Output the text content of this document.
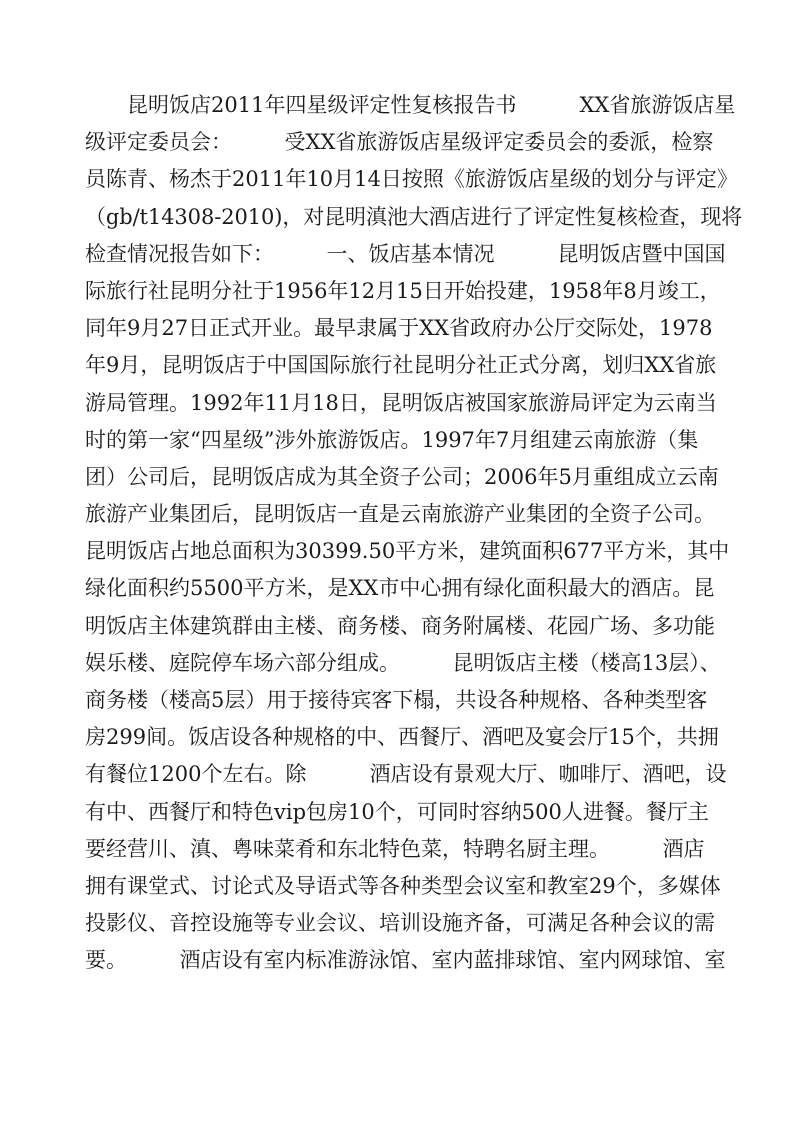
　　昆明饭店2011年四星级评定性复核报告书　　　XX省旅游饭店星
级评定委员会：　　　受XX省旅游饭店星级评定委员会的委派，检察
员陈青、杨杰于2011年10月14日按照《旅游饭店星级的划分与评定》
（gb/t14308-2010)，对昆明滇池大酒店进行了评定性复核检查，现将
检查情况报告如下：　　　一、饭店基本情况　　　昆明饭店暨中国国
际旅行社昆明分社于1956年12月15日开始投建，1958年8月竣工，
同年9月27日正式开业。最早隶属于XX省政府办公厅交际处，1978
年9月，昆明饭店于中国国际旅行社昆明分社正式分离，划归XX省旅
游局管理。1992年11月18日，昆明饭店被国家旅游局评定为云南当
时的第一家“四星级”涉外旅游饭店。1997年7月组建云南旅游（集
团）公司后，昆明饭店成为其全资子公司；2006年5月重组成立云南
旅游产业集团后，昆明饭店一直是云南旅游产业集团的全资子公司。
昆明饭店占地总面积为30399.50平方米，建筑面积677平方米，其中
绿化面积约5500平方米，是XX市中心拥有绿化面积最大的酒店。昆
明饭店主体建筑群由主楼、商务楼、商务附属楼、花园广场、多功能
娱乐楼、庭院停车场六部分组成。　　　昆明饭店主楼（楼高13层）、
商务楼（楼高5层）用于接待宾客下榻，共设各种规格、各种类型客
房299间。饭店设各种规格的中、西餐厅、酒吧及宴会厅15个，共拥
有餐位1200个左右。除　　　酒店设有景观大厅、咖啡厅、酒吧，设
有中、西餐厅和特色vip包房10个，可同时容纳500人进餐。餐厅主
要经营川、滇、粤味菜肴和东北特色菜，特聘名厨主理。　　　酒店
拥有课堂式、讨论式及导语式等各种类型会议室和教室29个，多媒体
投影仪、音控设施等专业会议、培训设施齐备，可满足各种会议的需
要。　　　酒店设有室内标准游泳馆、室内蓝排球馆、室内网球馆、室
